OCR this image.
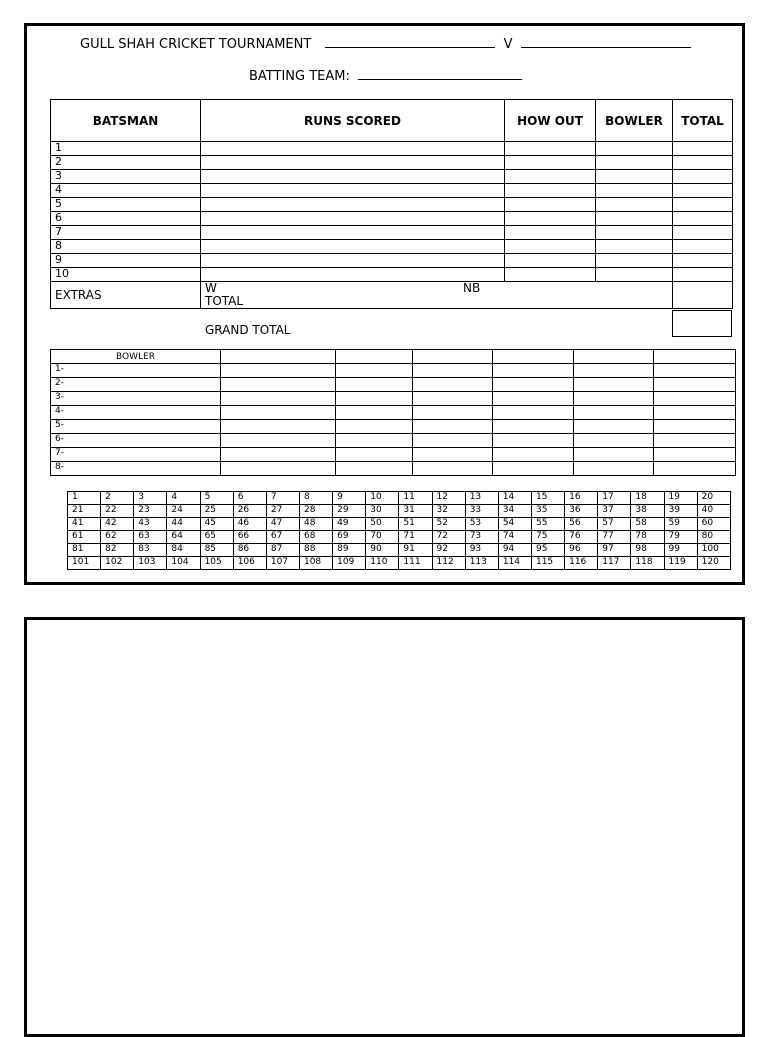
GULL SHAH CRICKET TOURNAMENT	V
BATTING TEAM:
BATSMAN	RUNS SCORED	HOW OUT	BOWLER	TOTAL
1				
2				
3				
4				
5				
6				
7				
8				
9				
10				
EXTRAS	W NB
TOTAL			

GRAND TOTAL
BOWLER						
1-						
2-						
3-						
4-						
5-						
6-						
7-						
8-						
1	2	3	4	5	6	7	8	9	10	11	12	13	14	15	16	17	18	19	20
21	22	23	24	25	26	27	28	29	30	31	32	33	34	35	36	37	38	39	40
41	42	43	44	45	46	47	48	49	50	51	52	53	54	55	56	57	58	59	60
61	62	63	64	65	66	67	68	69	70	71	72	73	74	75	76	77	78	79	80
81	82	83	84	85	86	87	88	89	90	91	92	93	94	95	96	97	98	99	100
101	102	103	104	105	106	107	108	109	110	111	112	113	114	115	116	117	118	119	120
